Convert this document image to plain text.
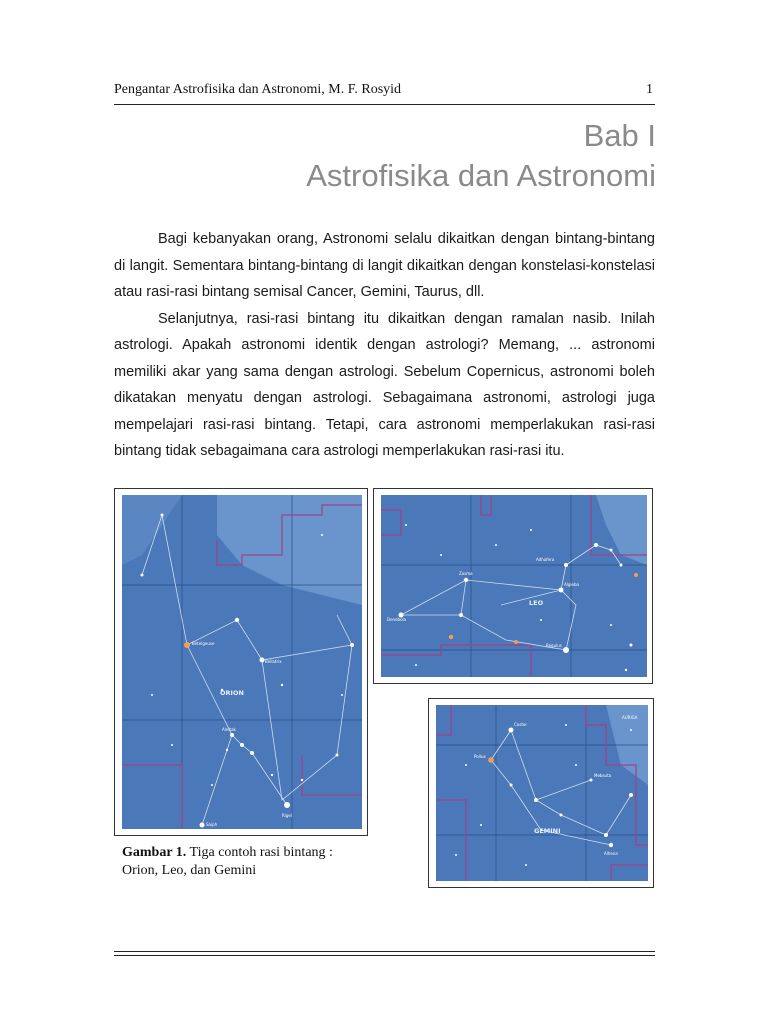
Pengantar Astrofisika dan Astronomi, M. F. Rosyid	1
Bab I
Astrofisika dan Astronomi

Bagi kebanyakan orang, Astronomi selalu dikaitkan dengan bintang-bintang di langit. Sementara bintang-bintang di langit dikaitkan dengan konstelasi-konstelasi atau rasi-rasi bintang semisal Cancer, Gemini, Taurus, dll.

Selanjutnya, rasi-rasi bintang itu dikaitkan dengan ramalan nasib. Inilah astrologi. Apakah astronomi identik dengan astrologi? Memang, ... astronomi memiliki akar yang sama dengan astrologi. Sebelum Copernicus, astronomi boleh dikatakan menyatu dengan astrologi. Sebagaimana astronomi, astrologi juga mempelajari rasi-rasi bintang. Tetapi, cara astronomi memperlakukan rasi-rasi bintang tidak sebagaimana cara astrologi memperlakukan rasi-rasi itu.

ORION
Betelgeuse
Bellatrix
Alnitak
Saiph
Rigel
LEO
Regulus
Denebola
Zosma
Algieba
Adhafera
GEMINI
Castor
Pollux
Alhena
Mebsuta
AURIGA
Gambar 1. Tiga contoh rasi bintang : Orion, Leo, dan Gemini
